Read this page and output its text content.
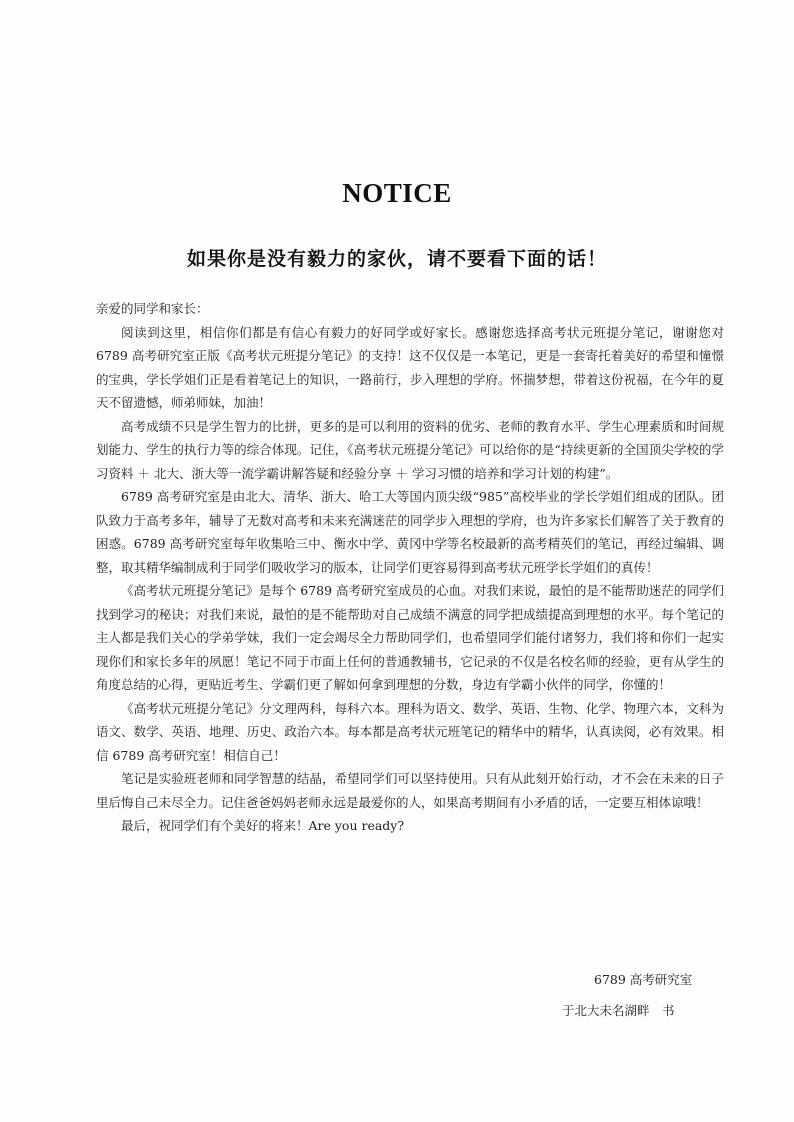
NOTICE
如果你是没有毅力的家伙，请不要看下面的话！

亲爱的同学和家长：

阅读到这里，相信你们都是有信心有毅力的好同学或好家长。感谢您选择高考状元班提分笔记，谢谢您对 6789 高考研究室正版《高考状元班提分笔记》的支持！这不仅仅是一本笔记，更是一套寄托着美好的希望和憧憬的宝典，学长学姐们正是看着笔记上的知识，一路前行，步入理想的学府。怀揣梦想，带着这份祝福，在今年的夏天不留遗憾，师弟师妹，加油！

高考成绩不只是学生智力的比拼，更多的是可以利用的资料的优劣、老师的教育水平、学生心理素质和时间规划能力、学生的执行力等的综合体现。记住，《高考状元班提分笔记》可以给你的是“持续更新的全国顶尖学校的学习资料 ＋ 北大、浙大等一流学霸讲解答疑和经验分享 ＋ 学习习惯的培养和学习计划的构建”。

6789 高考研究室是由北大、清华、浙大、哈工大等国内顶尖级“985”高校毕业的学长学姐们组成的团队。团队致力于高考多年，辅导了无数对高考和未来充满迷茫的同学步入理想的学府，也为许多家长们解答了关于教育的困惑。6789 高考研究室每年收集哈三中、衡水中学、黄冈中学等名校最新的高考精英们的笔记，再经过编辑、调整，取其精华编制成利于同学们吸收学习的版本，让同学们更容易得到高考状元班学长学姐们的真传！

《高考状元班提分笔记》是每个 6789 高考研究室成员的心血。对我们来说，最怕的是不能帮助迷茫的同学们找到学习的秘诀；对我们来说，最怕的是不能帮助对自己成绩不满意的同学把成绩提高到理想的水平。每个笔记的主人都是我们关心的学弟学妹，我们一定会竭尽全力帮助同学们，也希望同学们能付诸努力，我们将和你们一起实现你们和家长多年的夙愿！笔记不同于市面上任何的普通教辅书，它记录的不仅是名校名师的经验，更有从学生的角度总结的心得，更贴近考生、学霸们更了解如何拿到理想的分数，身边有学霸小伙伴的同学，你懂的！

《高考状元班提分笔记》分文理两科，每科六本。理科为语文、数学、英语、生物、化学、物理六本，文科为语文、数学、英语、地理、历史、政治六本。每本都是高考状元班笔记的精华中的精华，认真读阅，必有效果。相信 6789 高考研究室！相信自己！

笔记是实验班老师和同学智慧的结晶，希望同学们可以坚持使用。只有从此刻开始行动，才不会在未来的日子里后悔自己未尽全力。记住爸爸妈妈老师永远是最爱你的人，如果高考期间有小矛盾的话，一定要互相体谅哦！

最后，祝同学们有个美好的将来！Are you ready?

6789 高考研究室
于北大未名湖畔　书
